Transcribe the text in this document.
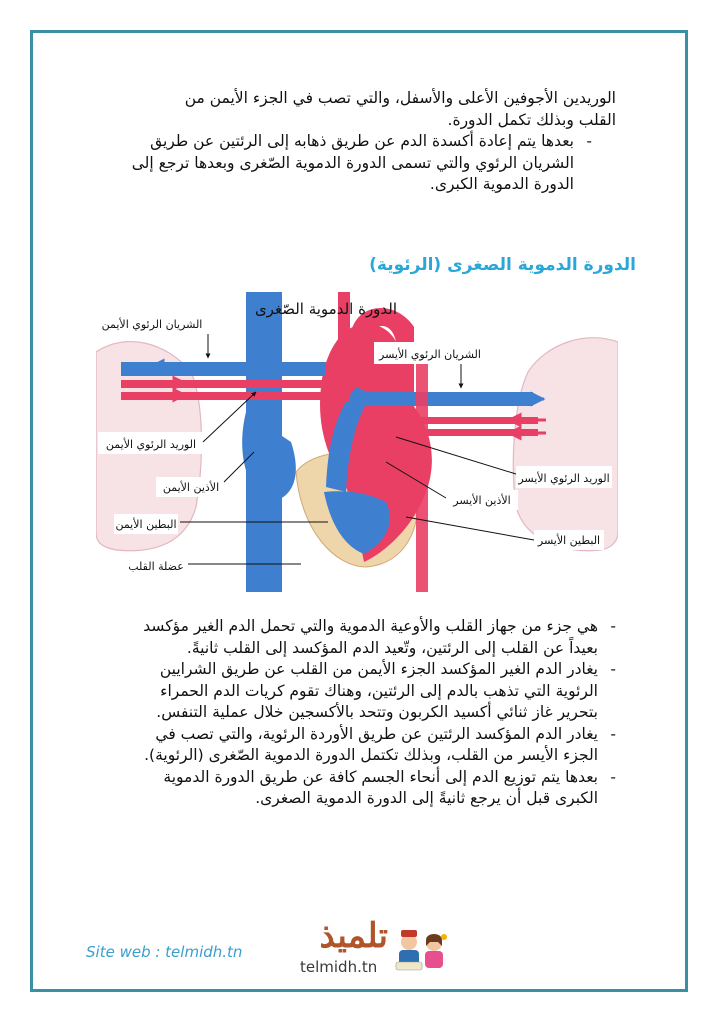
الوريدين الأجوفين الأعلى والأسفل، والتي تصب في الجزء الأيمن من
القلب وبذلك تكمل الدورة.
-
بعدها يتم إعادة أكسدة الدم عن طريق ذهابه إلى الرئتين عن طريق
الشريان الرئوي والتي تسمى الدورة الدموية الصّغرى وبعدها ترجع إلى
الدورة الدموية الكبرى.
الدورة الدموية الصغرى (الرئوية)
الدورة الدموية الصّغرى
الشريان الرئوي الأيمن
الشريان الرئوي الأيسر
الوريد الرئوي الأيمن
الوريد الرئوي الأيسر
الأذين الأيمن
الأذين الأيسر
البطين الأيمن
البطين الأيسر
عضلة القلب
-
هي جزء من جهاز القلب والأوعية الدموية والتي تحمل الدم الغير مؤكسد
بعيداً عن القلب إلى الرئتين، وتّعيد الدم المؤكسد إلى القلب ثانيةً.
-
يغادر الدم الغير المؤكسد الجزء الأيمن من القلب عن طريق الشرايين
الرئوية التي تذهب بالدم إلى الرئتين، وهناك تقوم كريات الدم الحمراء
بتحرير غاز ثنائي أكسيد الكربون وتتحد بالأكسجين خلال عملية التنفس.
-
يغادر الدم المؤكسد الرئتين عن طريق الأوردة الرئوية، والتي تصب في
الجزء الأيسر من القلب، وبذلك تكتمل الدورة الدموية الصّغرى (الرئوية).
-
بعدها يتم توزيع الدم إلى أنحاء الجسم كافة عن طريق الدورة الدموية
الكبرى قبل أن يرجع ثانيةً إلى الدورة الدموية الصغرى.
Site web : telmidh.tn تلميذ
telmidh.tn
